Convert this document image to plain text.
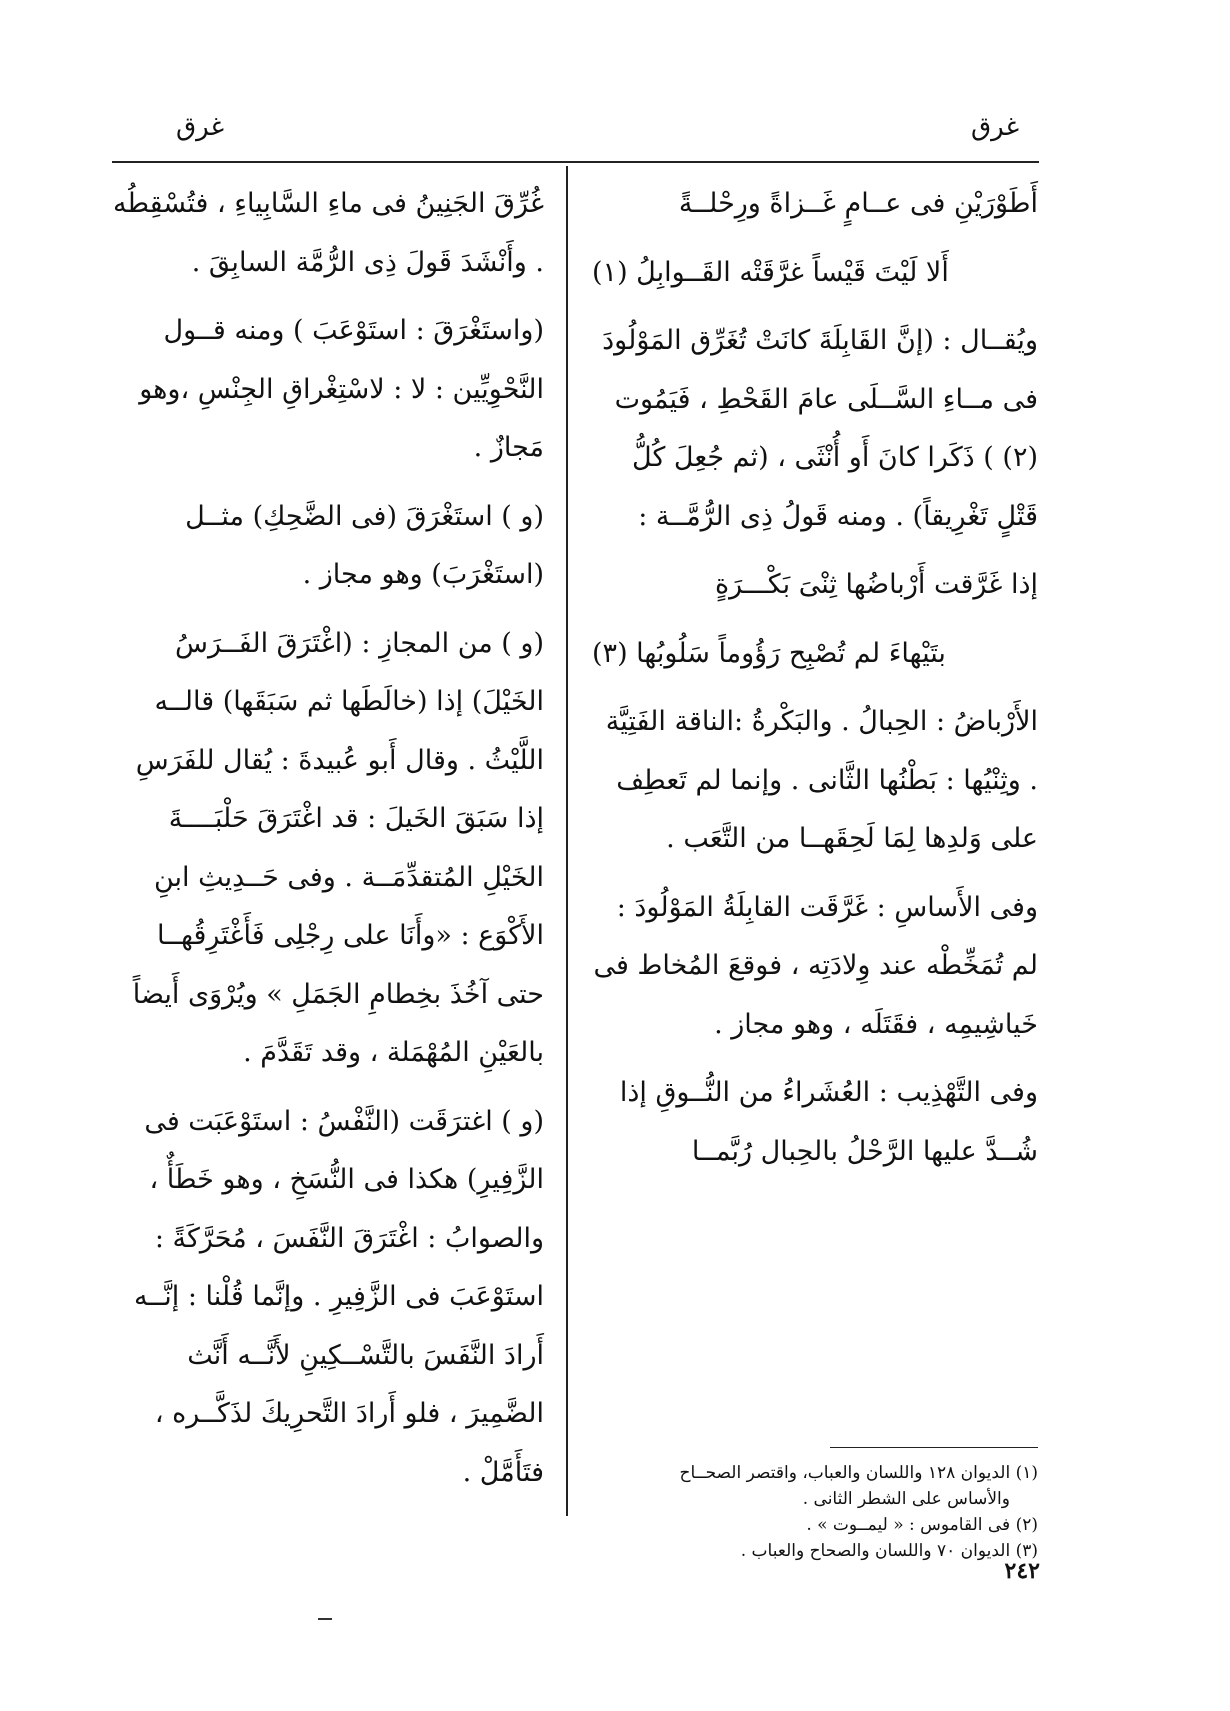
غرق
غرق

أَطَوْرَيْنِ فى عــامٍ غَــزاةً ورِحْلــةً

أَلا لَيْتَ قَيْساً غرَّقَتْه القَــوابِلُ (١)

ويُقــال : (إنَّ القَابِلَةَ كانَتْ تُغَرِّق المَوْلُودَ فى مــاءِ السَّــلَى عامَ القَحْطِ ، فَيَمُوت (٢) ) ذَكَرا كانَ أَو أُنْثَى ، (ثم جُعِلَ كُلُّ قَتْلٍ تَغْرِيقاً) . ومنه قَولُ ذِى الرُّمَّــة :

إذا غَرَّقت أَرْباضُها ثِنْىَ بَكْـــرَةٍ

بتَيْهاءَ لم تُصْبِح رَؤُوماً سَلُوبُها (٣)

الأَرْباضُ : الحِبالُ . والبَكْرةُ :الناقة الفَتِيَّة . وثِنْيُها : بَطْنُها الثَّانى . وإنما لم تَعطِف على وَلدِها لِمَا لَحِقَهــا من التَّعَب .

وفى الأَساسِ : غَرَّقَت القابِلَةُ المَوْلُودَ : لم تُمَخِّطْه عند وِلادَتِه ، فوقعَ المُخاط فى خَياشِيمِه ، فقَتَلَه ، وهو مجاز .

وفى التَّهْذِيب : العُشَراءُ من النُّــوقِ إذا شُــدَّ عليها الرَّحْلُ بالحِبال رُبَّمــا

غُرِّقَ الجَنِينُ فى ماءِ السَّابِياءِ ، فتُسْقِطُه . وأَنْشَدَ قَولَ ذِى الرُّمَّة السابِقَ .

(واستَغْرَقَ : استَوْعَبَ ) ومنه قــول النَّحْوِيِّين : لا : لاسْتِغْراقِ الجِنْسِ ،وهو مَجازٌ .

(و ) استَغْرَقَ (فى الضَّحِكِ) مثــل (استَغْرَبَ) وهو مجاز .

(و ) من المجازِ : (اغْتَرَقَ الفَــرَسُ الخَيْلَ) إذا (خالَطَها ثم سَبَقَها) قالــه اللَّيْثُ . وقال أَبو عُبيدةَ : يُقال للفَرَسِ إذا سَبَقَ الخَيلَ : قد اغْتَرَقَ حَلْبَــــةَ الخَيْلِ المُتقدِّمَــة . وفى حَــدِيثِ ابنِ الأَكْوَع : «وأَنَا على رِجْلِى فَأَغْتَرِقُهــا حتى آخُذَ بخِطامِ الجَمَلِ » ويُرْوَى أَيضاً بالعَيْنِ المُهْمَلة ، وقد تَقَدَّمَ .

(و ) اغترَقَت (النَّفْسُ : استَوْعَبَت فى الزَّفِيرِ) هكذا فى النُّسَخِ ، وهو خَطَأٌ ، والصوابُ : اغْتَرَقَ النَّفَسَ ، مُحَرَّكَةً : استَوْعَبَ فى الزَّفِيرِ . وإنَّما قُلْنا : إنَّــه أَرادَ النَّفَسَ بالتَّسْــكِينِ لأَنَّــه أَنَّث الضَّمِيرَ ، فلو أَرادَ التَّحرِيكَ لذَكَّــره ، فتَأَمَّلْ .	(١) الديوان ١٢٨ واللسان والعباب، واقتصر الصحــاح

والأساس على الشطر الثانى .

(٢) فى القاموس : « ليمــوت » .

(٣) الديوان ٧٠ واللسان والصحاح والعباب .

٢٤٢
